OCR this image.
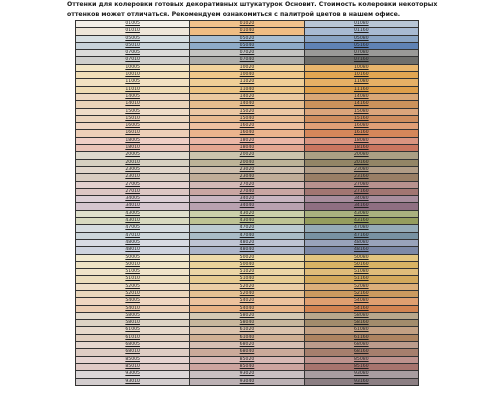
Оттенки для колеровки готовых декоративных штукатурок Основит. Стоимость колеровки некоторых
оттенков может отличаться. Рекомендуем ознакомиться с палитрой цветов в нашем офисе.
01005	01020	01080
01010	01040	01160
05005	05020	05080
05010	05040	05160
07005	07020	07080
07010	07040	07160
10005	10020	10080
10010	10040	10160
11005	11020	11080
11010	11040	11160
14005	14020	14080
14010	14040	14160
15005	15020	15080
15010	15040	15160
16005	16020	16080
16010	16040	16160
18005	18020	18080
18010	18040	18160
20005	20020	20080
20010	20040	20160
23005	23020	23080
23010	23040	23160
27005	27020	27080
27010	27040	27160
34005	34020	34080
34010	34040	34160
43005	43020	43080
43010	43040	43160
47005	47020	47080
47010	47040	47160
48005	48020	48080
48010	48040	48160
50005	50020	50080
50010	50040	50160
51005	51020	51080
51010	51040	51160
52005	52020	52080
52010	52040	52160
54005	54020	54080
54010	54040	54160
58005	58020	58080
58010	58040	58160
61005	61020	61080
61010	61040	61160
68005	68020	68080
68010	68040	68160
85005	85020	85080
85010	85040	85160
93005	93020	93080
93010	93040	93160
